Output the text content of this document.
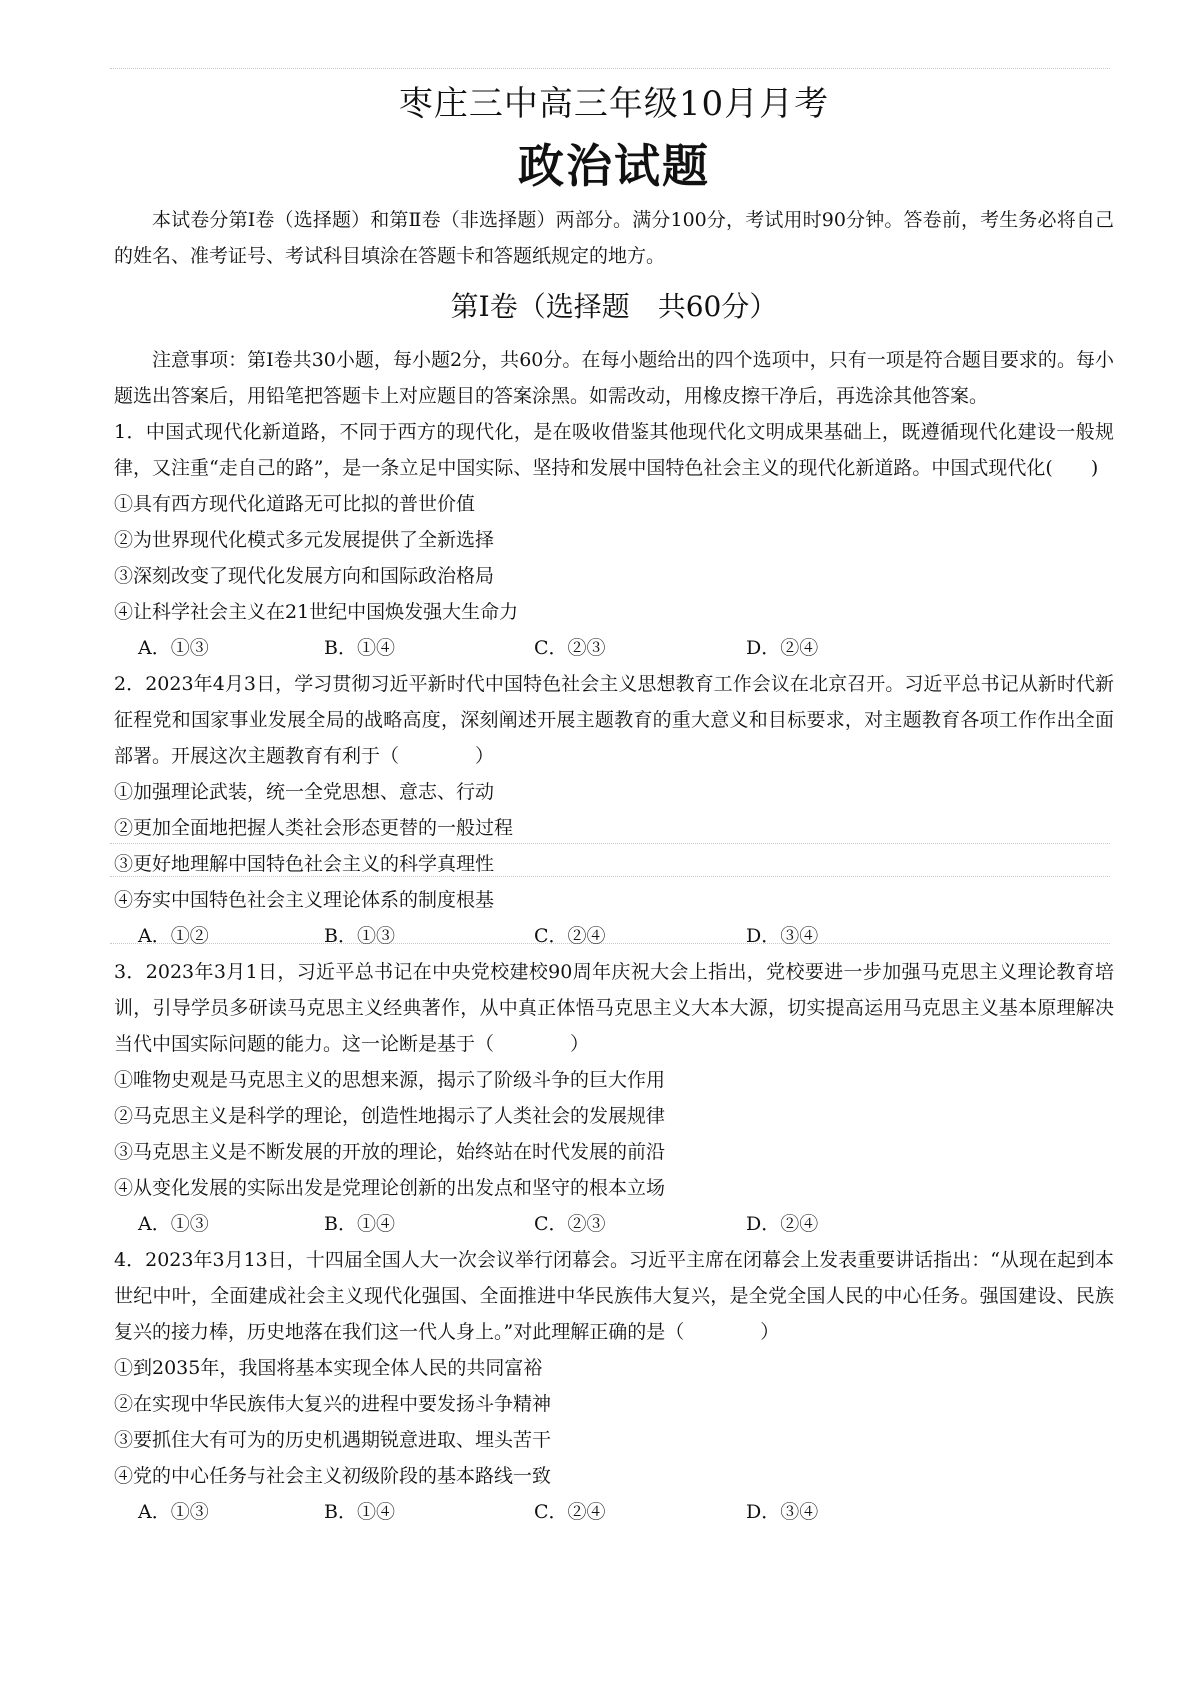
枣庄三中高三年级10月月考
政治试题
本试卷分第Ⅰ卷（选择题）和第Ⅱ卷（非选择题）两部分。满分100分，考试用时90分钟。答卷前，考生务必将自己的姓名、准考证号、考试科目填涂在答题卡和答题纸规定的地方。
第Ⅰ卷（选择题　共60分）
注意事项：第Ⅰ卷共30小题，每小题2分，共60分。在每小题给出的四个选项中，只有一项是符合题目要求的。每小题选出答案后，用铅笔把答题卡上对应题目的答案涂黑。如需改动，用橡皮擦干净后，再选涂其他答案。
1．中国式现代化新道路，不同于西方的现代化，是在吸收借鉴其他现代化文明成果基础上，既遵循现代化建设一般规律，又注重“走自己的路”，是一条立足中国实际、坚持和发展中国特色社会主义的现代化新道路。中国式现代化(　　)
①具有西方现代化道路无可比拟的普世价值
②为世界现代化模式多元发展提供了全新选择
③深刻改变了现代化发展方向和国际政治格局
④让科学社会主义在21世纪中国焕发强大生命力
A．①③	B．①④	C．②③	D．②④
2．2023年4月3日，学习贯彻习近平新时代中国特色社会主义思想教育工作会议在北京召开。习近平总书记从新时代新征程党和国家事业发展全局的战略高度，深刻阐述开展主题教育的重大意义和目标要求，对主题教育各项工作作出全面部署。开展这次主题教育有利于（　　　　）
①加强理论武装，统一全党思想、意志、行动
②更加全面地把握人类社会形态更替的一般过程
③更好地理解中国特色社会主义的科学真理性
④夯实中国特色社会主义理论体系的制度根基
A．①②	B．①③	C．②④	D．③④
3．2023年3月1日，习近平总书记在中央党校建校90周年庆祝大会上指出，党校要进一步加强马克思主义理论教育培训，引导学员多研读马克思主义经典著作，从中真正体悟马克思主义大本大源，切实提高运用马克思主义基本原理解决当代中国实际问题的能力。这一论断是基于（　　　　）
①唯物史观是马克思主义的思想来源，揭示了阶级斗争的巨大作用
②马克思主义是科学的理论，创造性地揭示了人类社会的发展规律
③马克思主义是不断发展的开放的理论，始终站在时代发展的前沿
④从变化发展的实际出发是党理论创新的出发点和坚守的根本立场
A．①③	B．①④	C．②③	D．②④
4．2023年3月13日，十四届全国人大一次会议举行闭幕会。习近平主席在闭幕会上发表重要讲话指出：“从现在起到本世纪中叶，全面建成社会主义现代化强国、全面推进中华民族伟大复兴，是全党全国人民的中心任务。强国建设、民族复兴的接力棒，历史地落在我们这一代人身上。”对此理解正确的是（　　　　）
①到2035年，我国将基本实现全体人民的共同富裕
②在实现中华民族伟大复兴的进程中要发扬斗争精神
③要抓住大有可为的历史机遇期锐意进取、埋头苦干
④党的中心任务与社会主义初级阶段的基本路线一致
A．①③	B．①④	C．②④	D．③④
